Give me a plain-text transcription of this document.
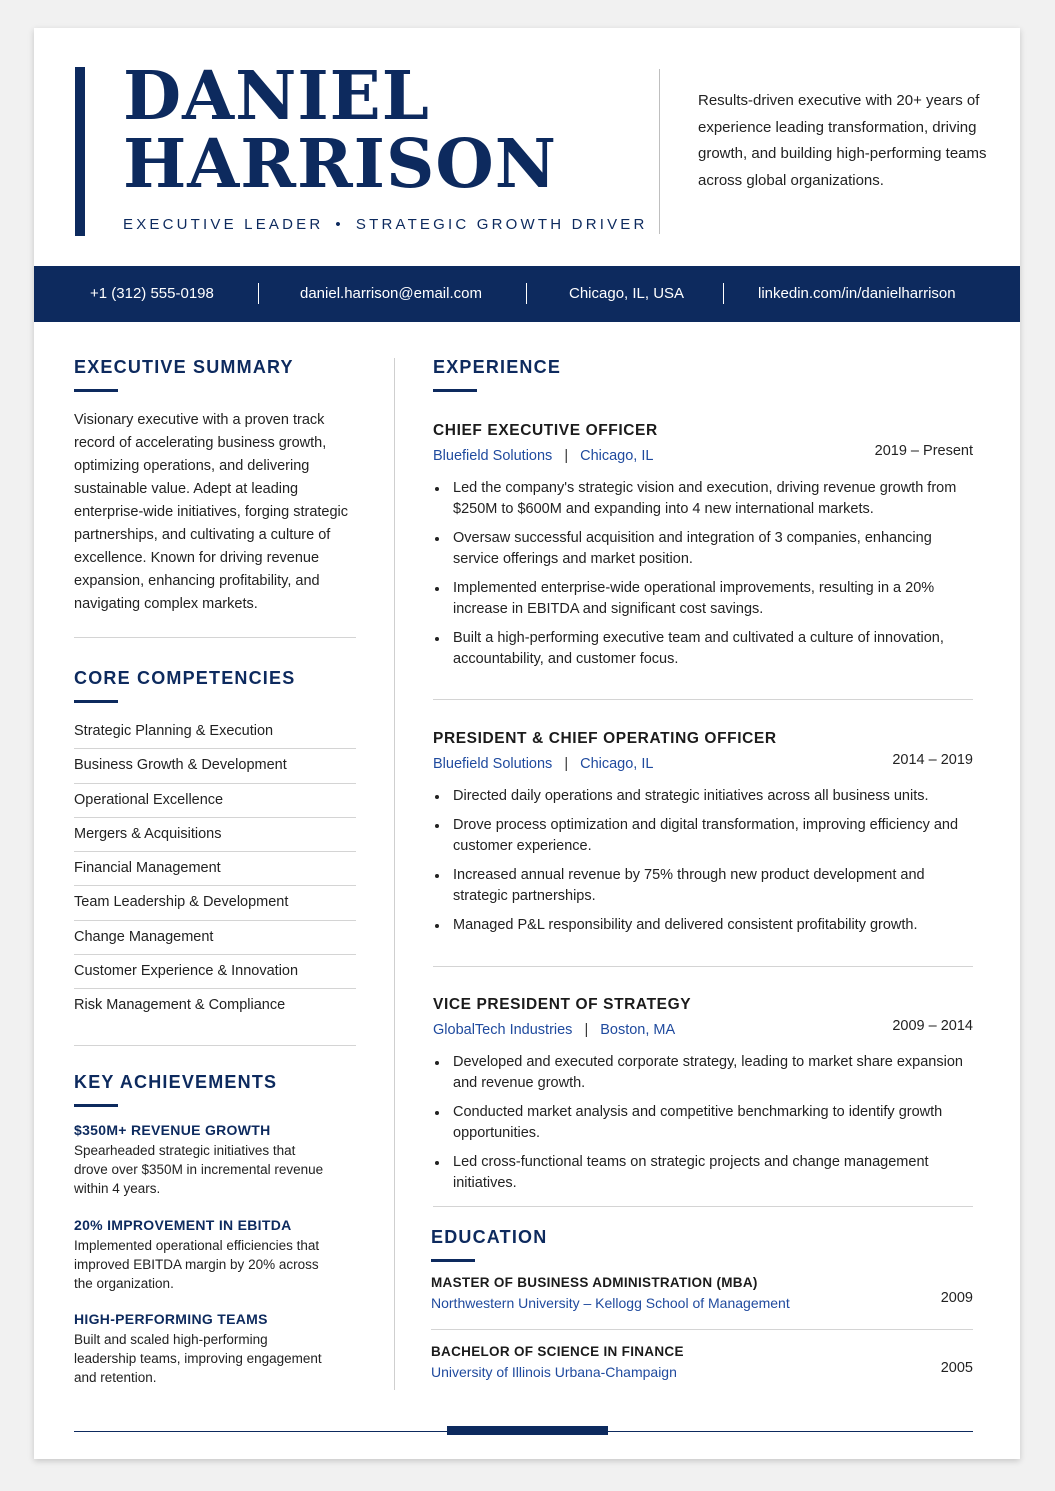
DANIEL
HARRISON
EXECUTIVE LEADER • STRATEGIC GROWTH DRIVER
Results-driven executive with 20+ years of experience leading transformation, driving growth, and building high-performing teams across global organizations.
+1 (312) 555-0198	daniel.harrison@email.com	Chicago, IL, USA	linkedin.com/in/danielharrison
EXECUTIVE SUMMARY
Visionary executive with a proven track record of accelerating business growth, optimizing operations, and delivering sustainable value. Adept at leading enterprise-wide initiatives, forging strategic partnerships, and cultivating a culture of excellence. Known for driving revenue expansion, enhancing profitability, and navigating complex markets.
CORE COMPETENCIES
Strategic Planning & Execution
Business Growth & Development
Operational Excellence
Mergers & Acquisitions
Financial Management
Team Leadership & Development
Change Management
Customer Experience & Innovation
Risk Management & Compliance
KEY ACHIEVEMENTS
$350M+ REVENUE GROWTH
Spearheaded strategic initiatives that drove over $350M in incremental revenue within 4 years.
20% IMPROVEMENT IN EBITDA
Implemented operational efficiencies that improved EBITDA margin by 20% across the organization.
HIGH-PERFORMING TEAMS
Built and scaled high-performing leadership teams, improving engagement and retention.
EXPERIENCE
CHIEF EXECUTIVE OFFICER
2019 – Present
Bluefield Solutions | Chicago, IL
Led the company's strategic vision and execution, driving revenue growth from $250M to $600M and expanding into 4 new international markets.
Oversaw successful acquisition and integration of 3 companies, enhancing service offerings and market position.
Implemented enterprise-wide operational improvements, resulting in a 20% increase in EBITDA and significant cost savings.
Built a high-performing executive team and cultivated a culture of innovation, accountability, and customer focus.
PRESIDENT & CHIEF OPERATING OFFICER
2014 – 2019
Bluefield Solutions | Chicago, IL
Directed daily operations and strategic initiatives across all business units.
Drove process optimization and digital transformation, improving efficiency and customer experience.
Increased annual revenue by 75% through new product development and strategic partnerships.
Managed P&L responsibility and delivered consistent profitability growth.
VICE PRESIDENT OF STRATEGY
2009 – 2014
GlobalTech Industries | Boston, MA
Developed and executed corporate strategy, leading to market share expansion and revenue growth.
Conducted market analysis and competitive benchmarking to identify growth opportunities.
Led cross-functional teams on strategic projects and change management initiatives.
EDUCATION
MASTER OF BUSINESS ADMINISTRATION (MBA)
Northwestern University – Kellogg School of Management	2009
BACHELOR OF SCIENCE IN FINANCE
University of Illinois Urbana-Champaign	2005
